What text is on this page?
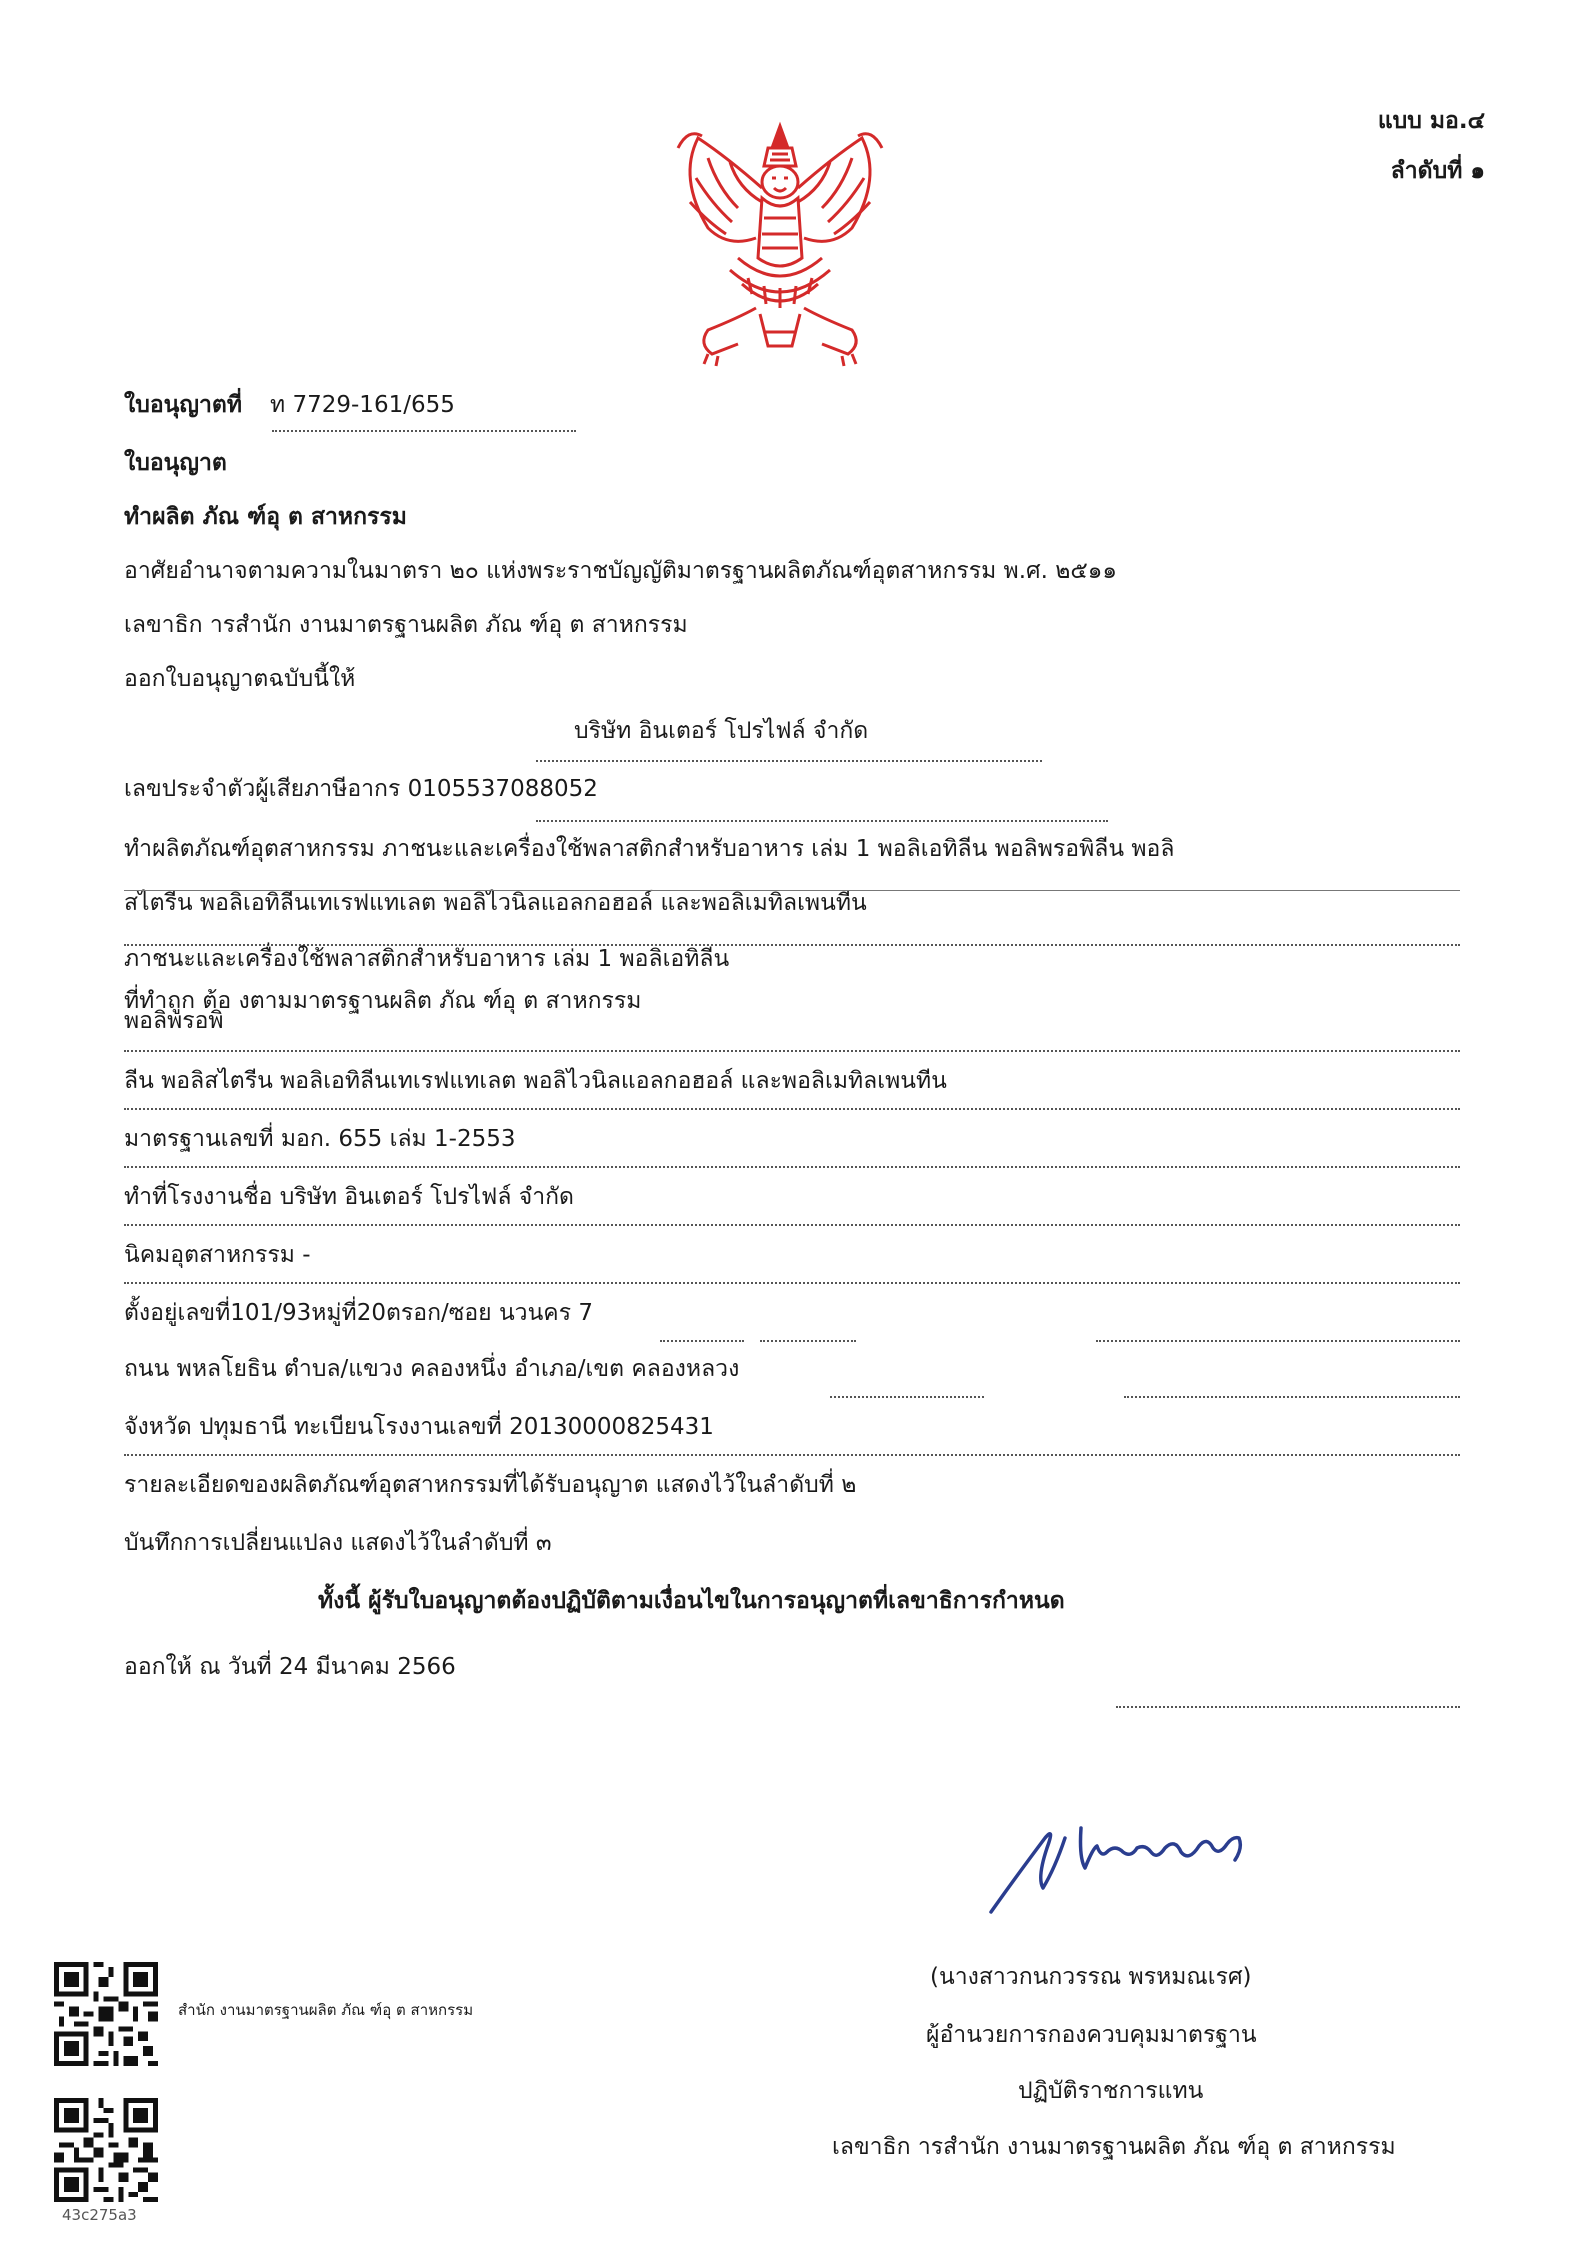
แบบ มอ.๔
ลำดับที่ ๑
ใบอนุญาตที่ ท 7729-161/655
ใบอนุญาต
ทำผลิต ภัณ ฑ์อุ ต สาหกรรม
อาศัยอำนาจตามความในมาตรา ๒๐ แห่งพระราชบัญญัติมาตรฐานผลิตภัณฑ์อุตสาหกรรม พ.ศ. ๒๕๑๑
เลขาธิก ารสำนัก งานมาตรฐานผลิต ภัณ ฑ์อุ ต สาหกรรม
ออกใบอนุญาตฉบับนี้ให้
บริษัท อินเตอร์ โปรไฟล์ จำกัด
เลขประจำตัวผู้เสียภาษีอากร 0105537088052
ทำผลิตภัณฑ์อุตสาหกรรม ภาชนะและเครื่องใช้พลาสติกสำหรับอาหาร เล่ม 1 พอลิเอทิลีน พอลิพรอพิลีน พอลิ
สไตรีน พอลิเอทิลีนเทเรฟแทเลต พอลิไวนิลแอลกอฮอล์ และพอลิเมทิลเพนทีน
ภาชนะและเครื่องใช้พลาสติกสำหรับอาหาร เล่ม 1 พอลิเอทิลีน
ที่ทำถูก ต้อ งตามมาตรฐานผลิต ภัณ ฑ์อุ ต สาหกรรม
พอลิพรอพิ
ลีน พอลิสไตรีน พอลิเอทิลีนเทเรฟแทเลต พอลิไวนิลแอลกอฮอล์ และพอลิเมทิลเพนทีน
มาตรฐานเลขที่ มอก. 655 เล่ม 1-2553
ทำที่โรงงานชื่อ บริษัท อินเตอร์ โปรไฟล์ จำกัด
นิคมอุตสาหกรรม -
ตั้งอยู่เลขที่101/93หมู่ที่20ตรอก/ซอย นวนคร 7
ถนน พหลโยธิน ตำบล/แขวง คลองหนึ่ง อำเภอ/เขต คลองหลวง
จังหวัด ปทุมธานี ทะเบียนโรงงานเลขที่ 20130000825431
รายละเอียดของผลิตภัณฑ์อุตสาหกรรมที่ได้รับอนุญาต แสดงไว้ในลำดับที่ ๒
บันทึกการเปลี่ยนแปลง แสดงไว้ในลำดับที่ ๓
ทั้งนี้ ผู้รับใบอนุญาตต้องปฏิบัติตามเงื่อนไขในการอนุญาตที่เลขาธิการกำหนด
ออกให้ ณ วันที่ 24 มีนาคม 2566
(นางสาวกนกวรรณ พรหมณเรศ)
ผู้อำนวยการกองควบคุมมาตรฐาน
ปฏิบัติราชการแทน
เลขาธิก ารสำนัก งานมาตรฐานผลิต ภัณ ฑ์อุ ต สาหกรรม
สำนัก งานมาตรฐานผลิต ภัณ ฑ์อุ ต สาหกรรม
43c275a3
